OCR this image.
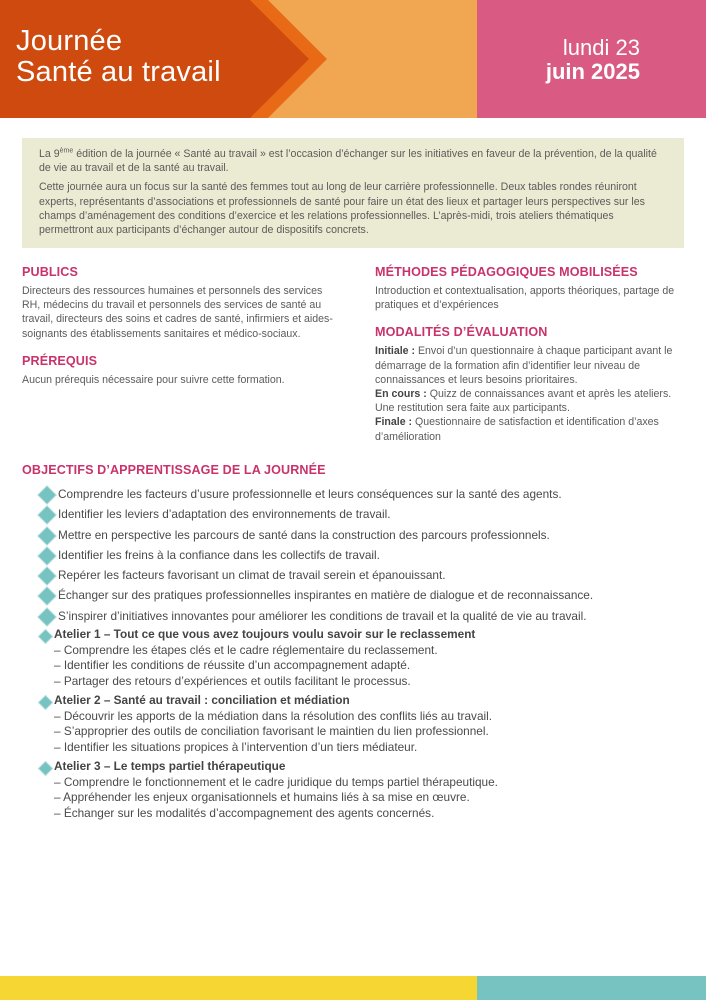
Journée
Santé au travail
lundi 23
juin 2025

La 9ème édition de la journée « Santé au travail » est l’occasion d’échanger sur les initiatives en faveur de la prévention, de la qualité de vie au travail et de la santé au travail.

Cette journée aura un focus sur la santé des femmes tout au long de leur carrière professionnelle. Deux tables rondes réuniront experts, représentants d’associations et professionnels de santé pour faire un état des lieux et partager leurs perspectives sur les champs d’aménagement des conditions d’exercice et les relations professionnelles. L’après-midi, trois ateliers thématiques permettront aux participants d’échanger autour de dispositifs concrets.

PUBLICS
Directeurs des ressources humaines et personnels des services RH, médecins du travail et personnels des services de santé au travail, directeurs des soins et cadres de santé, infirmiers et aides-soignants des établissements sanitaires et médico-sociaux.
PRÉREQUIS
Aucun prérequis nécessaire pour suivre cette formation.
MÉTHODES PÉDAGOGIQUES MOBILISÉES
Introduction et contextualisation, apports théoriques, partage de pratiques et d’expériences
MODALITÉS D’ÉVALUATION
Initiale : Envoi d’un questionnaire à chaque participant avant le démarrage de la formation afin d’identifier leur niveau de connaissances et leurs besoins prioritaires.
En cours : Quizz de connaissances avant et après les ateliers. Une restitution sera faite aux participants.
Finale : Questionnaire de satisfaction et identification d’axes d’amélioration
OBJECTIFS D’APPRENTISSAGE DE LA JOURNÉE
Comprendre les facteurs d’usure professionnelle et leurs conséquences sur la santé des agents.
Identifier les leviers d’adaptation des environnements de travail.
Mettre en perspective les parcours de santé dans la construction des parcours professionnels.
Identifier les freins à la confiance dans les collectifs de travail.
Repérer les facteurs favorisant un climat de travail serein et épanouissant.
Échanger sur des pratiques professionnelles inspirantes en matière de dialogue et de reconnaissance.
S’inspirer d’initiatives innovantes pour améliorer les conditions de travail et la qualité de vie au travail.
Atelier 1 – Tout ce que vous avez toujours voulu savoir sur le reclassement
– Comprendre les étapes clés et le cadre réglementaire du reclassement.
– Identifier les conditions de réussite d’un accompagnement adapté.
– Partager des retours d’expériences et outils facilitant le processus.
Atelier 2 – Santé au travail : conciliation et médiation
– Découvrir les apports de la médiation dans la résolution des conflits liés au travail.
– S’approprier des outils de conciliation favorisant le maintien du lien professionnel.
– Identifier les situations propices à l’intervention d’un tiers médiateur.
Atelier 3 – Le temps partiel thérapeutique
– Comprendre le fonctionnement et le cadre juridique du temps partiel thérapeutique.
– Appréhender les enjeux organisationnels et humains liés à sa mise en œuvre.
– Échanger sur les modalités d’accompagnement des agents concernés.
